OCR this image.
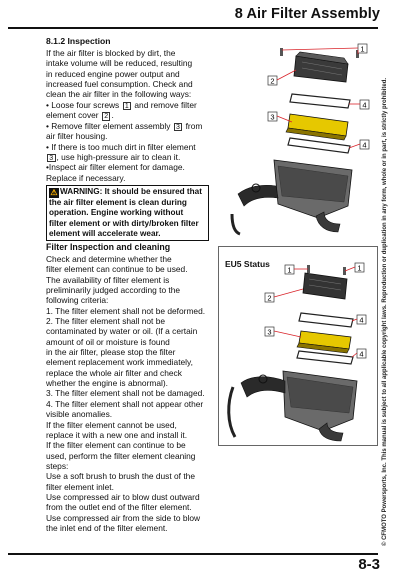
8 Air Filter Assembly
8.1.2 Inspection
If the air filter is blocked by dirt, the
intake volume will be reduced, resulting
in reduced engine power output and
increased fuel consumption. Check and
clean the air filter in the following ways:
• Loose four screws 1 and remove filter
element cover 2 .
• Remove filter element assembly 3 from
air filter housing.
• If there is too much dirt in filter element
3 , use high-pressure air to clean it.
•Inspect air filter element for damage.
Replace if necessary.
⚠ WARNING: It should be ensured that
the air filter element is clean during
operation. Engine working without
filter element or with dirty/broken filter
element will accelerate wear.
Filter Inspection and cleaning
Check and determine whether the
filter element can continue to be used.
The availability of filter element is
preliminarily judged according to the
following criteria:
1. The filter element shall not be deformed.
2. The filter element shall not be
contaminated by water or oil. (If a certain
amount of oil or moisture is found
in the air filter, please stop the filter
element replacement work immediately,
replace the whole air filter and check
whether the engine is abnormal).
3. The filter element shall not be damaged.
4. The filter element shall not appear other
visible anomalies.
If the filter element cannot be used,
replace it with a new one and install it.
If the filter element can continue to be
used, perform the filter element cleaning
steps:
Use a soft brush to brush the dust of the
filter element inlet.
Use compressed air to blow dust outward
from the outlet end of the filter element.
Use compressed air from the side to blow
the inlet end of the filter element.
1
2
4
3
4
EU5 Status
1	1
2
4
3
4	© CFMOTO Powersports, Inc. This manual is subject to all applicable copyright laws. Reproduction or duplication in any form, whole or in part, is strictly prohibited.
8-3
